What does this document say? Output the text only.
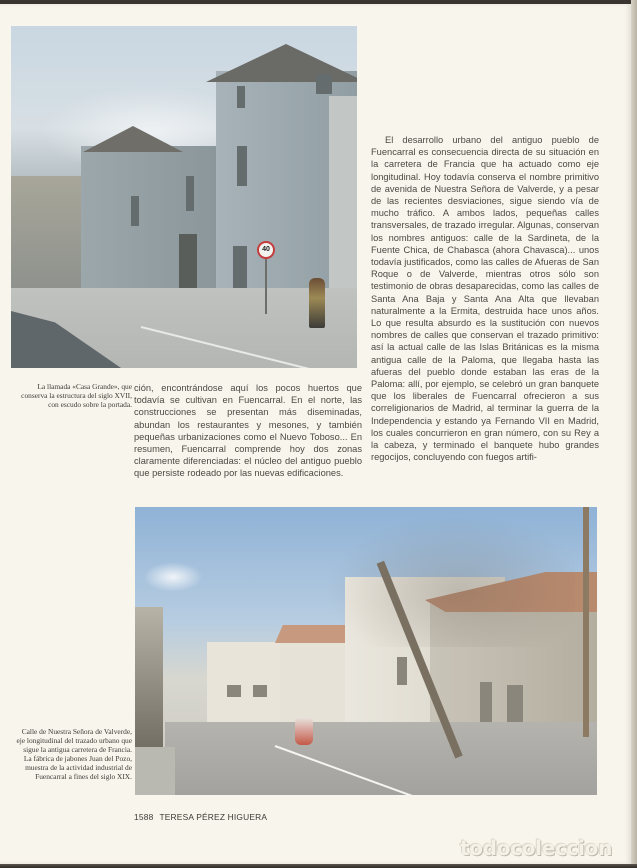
40
La llamada «Casa Grande», que conserva la estructura del siglo XVII, con escudo sobre la portada.

El desarrollo urbano del antiguo pueblo de Fuencarral es consecuencia directa de su situación en la carretera de Francia que ha actuado como eje longitudinal. Hoy todavía conserva el nombre primitivo de avenida de Nuestra Señora de Valverde, y a pesar de las recientes desviaciones, sigue siendo vía de mucho tráfico. A ambos lados, pequeñas calles transversales, de trazado irregular. Algunas, conservan los nombres antiguos: calle de la Sardineta, de la Fuente Chica, de Chabasca (ahora Chavasca)... unos todavía justificados, como las calles de Afueras de San Roque o de Valverde, mientras otros sólo son testimonio de obras desaparecidas, como las calles de Santa Ana Baja y Santa Ana Alta que llevaban naturalmente a la Ermita, destruida hace unos años. Lo que resulta absurdo es la sustitución con nuevos nombres de calles que conservan el trazado primitivo: así la actual calle de las Islas Británicas es la misma antigua calle de la Paloma, que llegaba hasta las afueras del pueblo donde estaban las eras de la Paloma: allí, por ejemplo, se celebró un gran banquete que los liberales de Fuencarral ofrecieron a sus correligionarios de Madrid, al terminar la guerra de la Independencia y estando ya Fernando VII en Madrid, los cuales concurrieron en gran número, con su Rey a la cabeza, y terminado el banquete hubo grandes regocijos, concluyendo con fuegos artifi-

ción, encontrándose aquí los pocos huertos que todavía se cultivan en Fuencarral. En el norte, las construcciones se presentan más diseminadas, abundan los restaurantes y mesones, y también pequeñas urbanizaciones como el Nuevo Toboso... En resumen, Fuencarral comprende hoy dos zonas claramente diferenciadas: el núcleo del antiguo pueblo que persiste rodeado por las nuevas edificaciones.

Calle de Nuestra Señora de Valverde, eje longitudinal del trazado urbano que sigue la antigua carretera de Francia. La fábrica de jabones Juan del Pozo, muestra de la actividad industrial de Fuencarral a fines del siglo XIX.
1588 TERESA PÉREZ HIGUERA
todocoleccion
